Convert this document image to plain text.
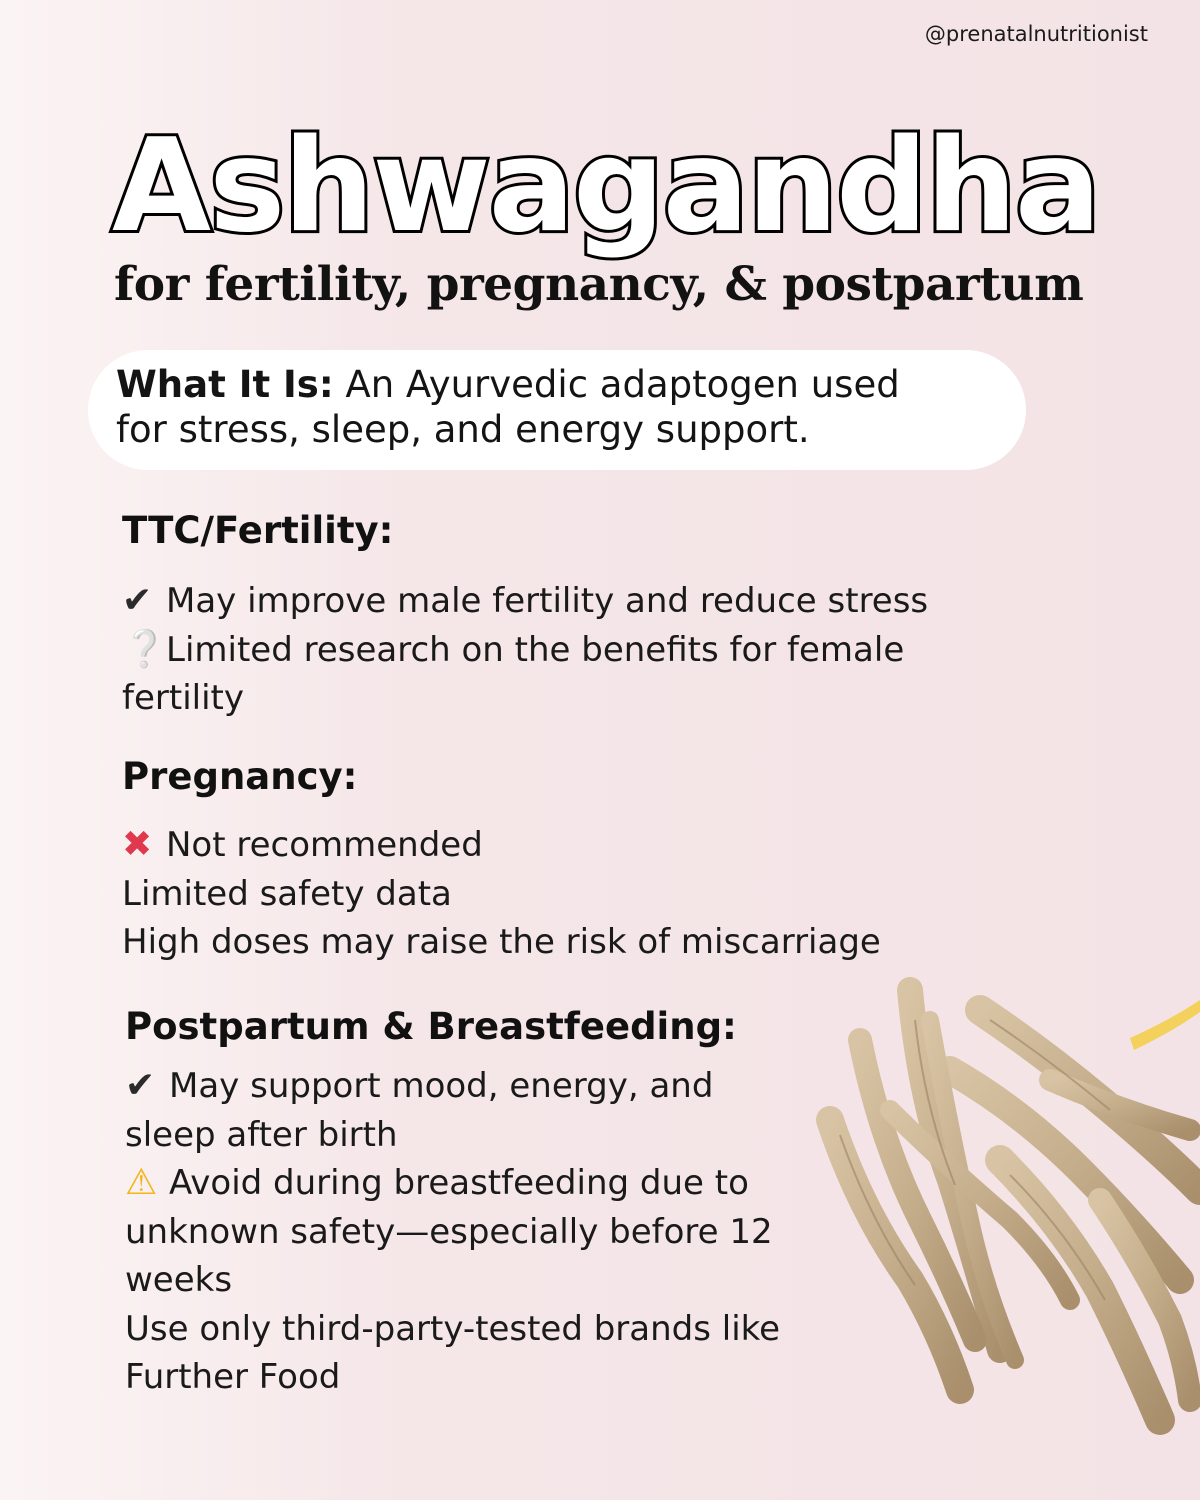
@prenatalnutritionist
Ashwagandha
for fertility, pregnancy, & postpartum
What It Is: An Ayurvedic adaptogen used
for stress, sleep, and energy support.
TTC/Fertility:
✔ May improve male fertility and reduce stress
❔Limited research on the benefits for female
fertility
Pregnancy:
✖ Not recommended
Limited safety data
High doses may raise the risk of miscarriage
Postpartum & Breastfeeding:
✔ May support mood, energy, and
sleep after birth
⚠ Avoid during breastfeeding due to
unknown safety—especially before 12
weeks
Use only third-party-tested brands like
Further Food
